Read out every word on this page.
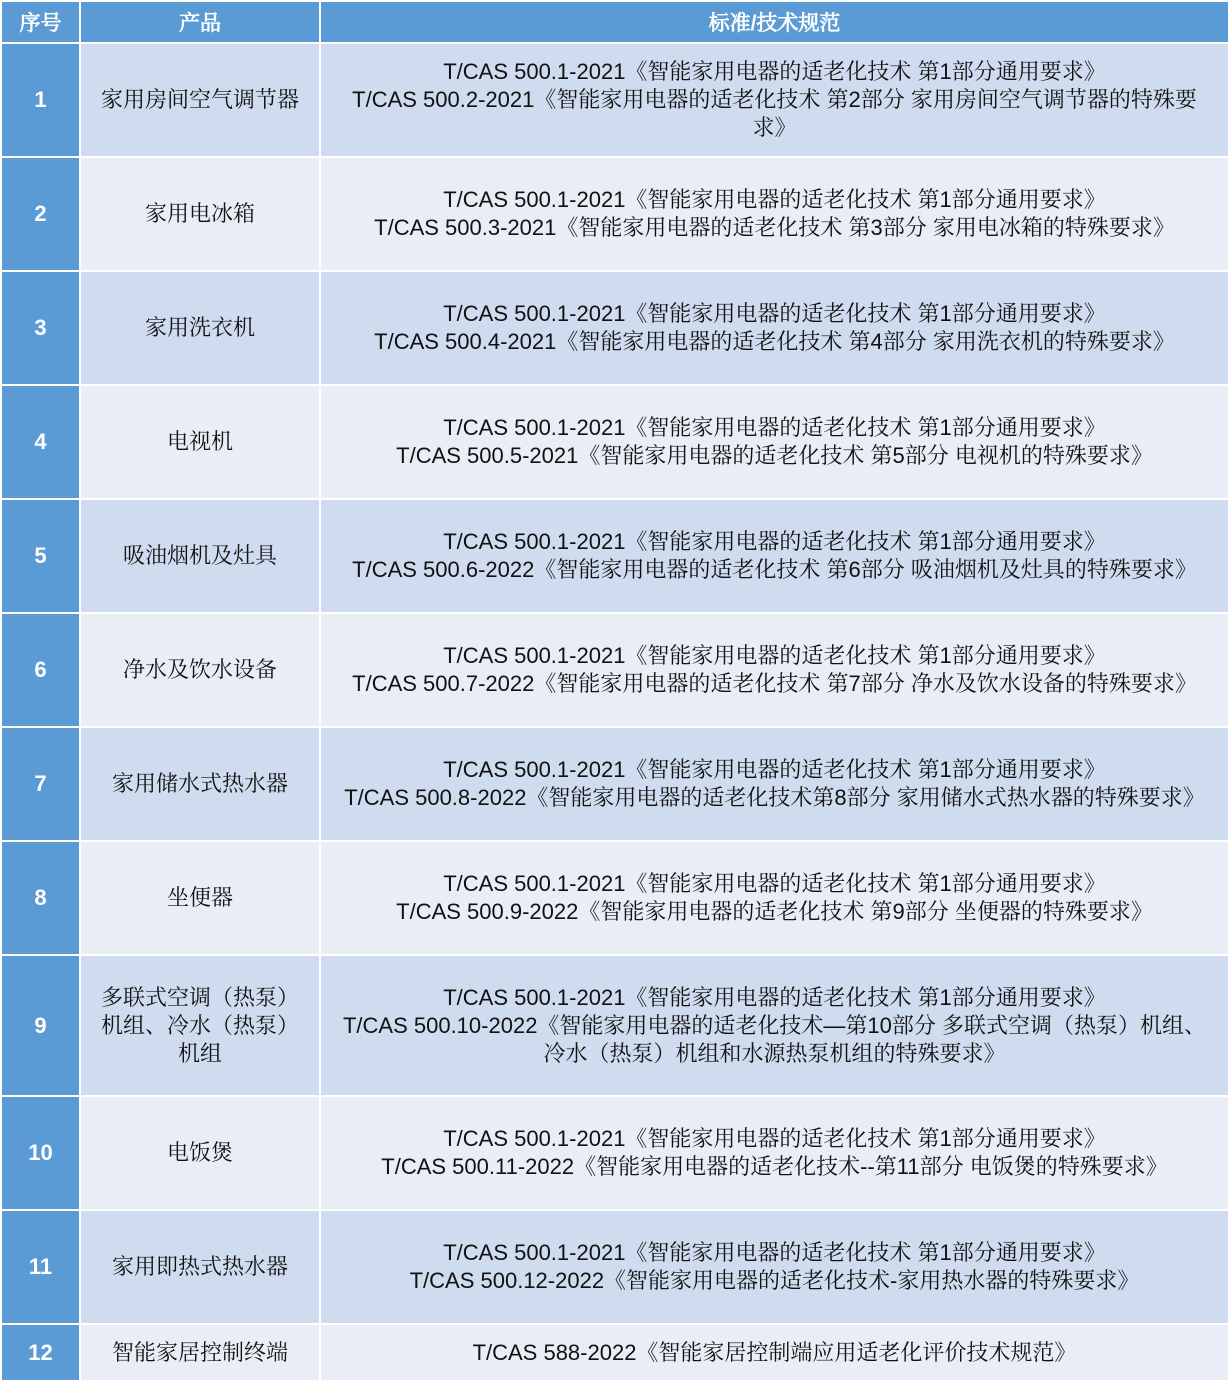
序号	产品	标准/技术规范
1	家用房间空气调节器	T/CAS 500.1-2021《智能家用电器的适老化技术 第1部分通用要求》
T/CAS 500.2-2021《智能家用电器的适老化技术 第2部分 家用房间空气调节器的特殊要
求》
2	家用电冰箱	T/CAS 500.1-2021《智能家用电器的适老化技术 第1部分通用要求》
T/CAS 500.3-2021《智能家用电器的适老化技术 第3部分 家用电冰箱的特殊要求》
3	家用洗衣机	T/CAS 500.1-2021《智能家用电器的适老化技术 第1部分通用要求》
T/CAS 500.4-2021《智能家用电器的适老化技术 第4部分 家用洗衣机的特殊要求》
4	电视机	T/CAS 500.1-2021《智能家用电器的适老化技术 第1部分通用要求》
T/CAS 500.5-2021《智能家用电器的适老化技术 第5部分 电视机的特殊要求》
5	吸油烟机及灶具	T/CAS 500.1-2021《智能家用电器的适老化技术 第1部分通用要求》
T/CAS 500.6-2022《智能家用电器的适老化技术 第6部分 吸油烟机及灶具的特殊要求》
6	净水及饮水设备	T/CAS 500.1-2021《智能家用电器的适老化技术 第1部分通用要求》
T/CAS 500.7-2022《智能家用电器的适老化技术 第7部分 净水及饮水设备的特殊要求》
7	家用储水式热水器	T/CAS 500.1-2021《智能家用电器的适老化技术 第1部分通用要求》
T/CAS 500.8-2022《智能家用电器的适老化技术第8部分 家用储水式热水器的特殊要求》
8	坐便器	T/CAS 500.1-2021《智能家用电器的适老化技术 第1部分通用要求》
T/CAS 500.9-2022《智能家用电器的适老化技术 第9部分 坐便器的特殊要求》
9	多联式空调（热泵）
机组、冷水（热泵）
机组	T/CAS 500.1-2021《智能家用电器的适老化技术 第1部分通用要求》
T/CAS 500.10-2022《智能家用电器的适老化技术—第10部分 多联式空调（热泵）机组、
冷水（热泵）机组和水源热泵机组的特殊要求》
10	电饭煲	T/CAS 500.1-2021《智能家用电器的适老化技术 第1部分通用要求》
T/CAS 500.11-2022《智能家用电器的适老化技术--第11部分 电饭煲的特殊要求》
11	家用即热式热水器	T/CAS 500.1-2021《智能家用电器的适老化技术 第1部分通用要求》
T/CAS 500.12-2022《智能家用电器的适老化技术-家用热水器的特殊要求》
12	智能家居控制终端	T/CAS 588-2022《智能家居控制端应用适老化评价技术规范》
